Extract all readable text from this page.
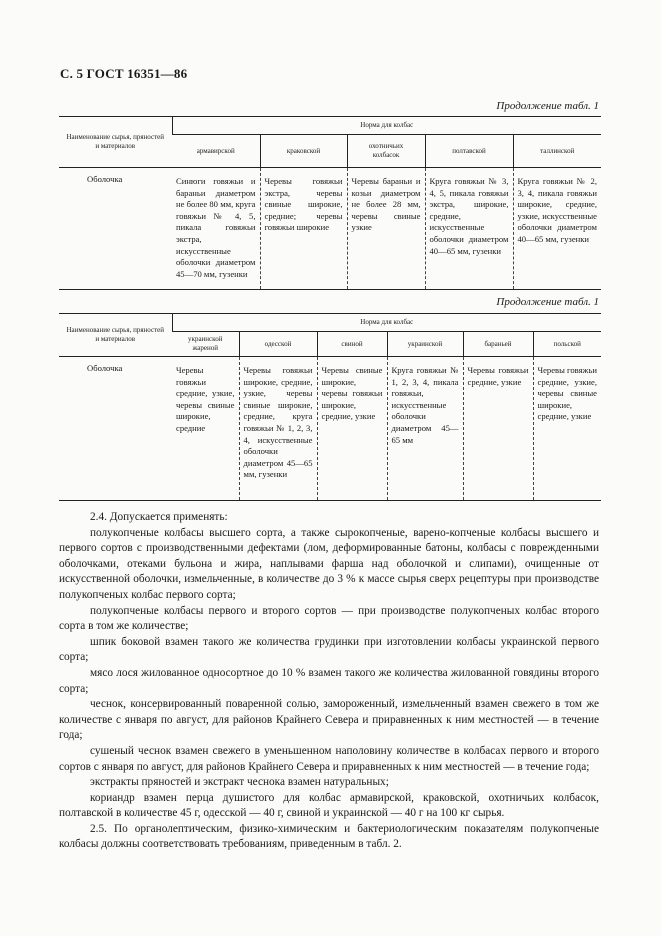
С. 5 ГОСТ 16351—86
Продолжение табл. 1
Наименование сырья, пряностей и материалов	Норма для колбас				
	армавирской	краковской	охотничьих колбасок	полтавской	таллинской
Оболочка	Синюги говяжьи и бараньи диаметром не более 80 мм, круга говяжьи № 4, 5, пикала говяжьи экстра, искусственные оболочки диаметром 45—70 мм, гузенки	Черевы говяжьи экстра, черевы свиные широкие, средние; черевы говяжьи широкие	Черевы бараньи и козьи диаметром не более 28 мм, черевы свиные узкие	Круга говяжьи № 3, 4, 5, пикала говяжьи экстра, широкие, средние, искусственные оболочки диаметром 40—65 мм, гузенки	Круга говяжьи № 2, 3, 4, пикала говяжьи широкие, средние, узкие, искусственные оболочки диаметром 40—65 мм, гузенки
Продолжение табл. 1
Наименование сырья, пряностей и материалов	Норма для колбас					
	украинской жареной	одесской	свиной	украинской	бараньей	польской
Оболочка	Черевы говяжьи средние, узкие, черевы свиные широкие, средние	Черевы говяжьи широкие, средние, узкие, черевы свиные широкие, средние, круга говяжьи № 1, 2, 3, 4, искусственные оболочки диаметром 45—65 мм, гузенки	Черевы свиные широкие, черевы говяжьи широкие, средние, узкие	Круга говяжьи № 1, 2, 3, 4, пикала говяжьи, искусственные оболочки диаметром 45—65 мм	Черевы говяжьи средние, узкие	Черевы говяжьи средние, узкие, черевы свиные широкие, средние, узкие

2.4. Допускается применять:

полукопченые колбасы высшего сорта, а также сырокопченые, варено-копченые колбасы высшего и первого сортов с производственными дефектами (лом, деформированные батоны, колбасы с поврежденными оболочками, отеками бульона и жира, наплывами фарша над оболочкой и слипами), очищенные от искусственной оболочки, измельченные, в количестве до 3 % к массе сырья сверх рецептуры при производстве полукопченых колбас первого сорта;

полукопченые колбасы первого и второго сортов — при производстве полукопченых колбас второго сорта в том же количестве;

шпик боковой взамен такого же количества грудинки при изготовлении колбасы украинской первого сорта;

мясо лося жилованное односортное до 10 % взамен такого же количества жилованной говядины второго сорта;

чеснок, консервированный поваренной солью, замороженный, измельченный взамен свежего в том же количестве с января по август, для районов Крайнего Севера и приравненных к ним местностей — в течение года;

сушеный чеснок взамен свежего в уменьшенном наполовину количестве в колбасах первого и второго сортов с января по август, для районов Крайнего Севера и приравненных к ним местностей — в течение года;

экстракты пряностей и экстракт чеснока взамен натуральных;

кориандр взамен перца душистого для колбас армавирской, краковской, охотничьих колбасок, полтавской в количестве 45 г, одесской — 40 г, свиной и украинской — 40 г на 100 кг сырья.

2.5. По органолептическим, физико-химическим и бактериологическим показателям полукопченые колбасы должны соответствовать требованиям, приведенным в табл. 2.
